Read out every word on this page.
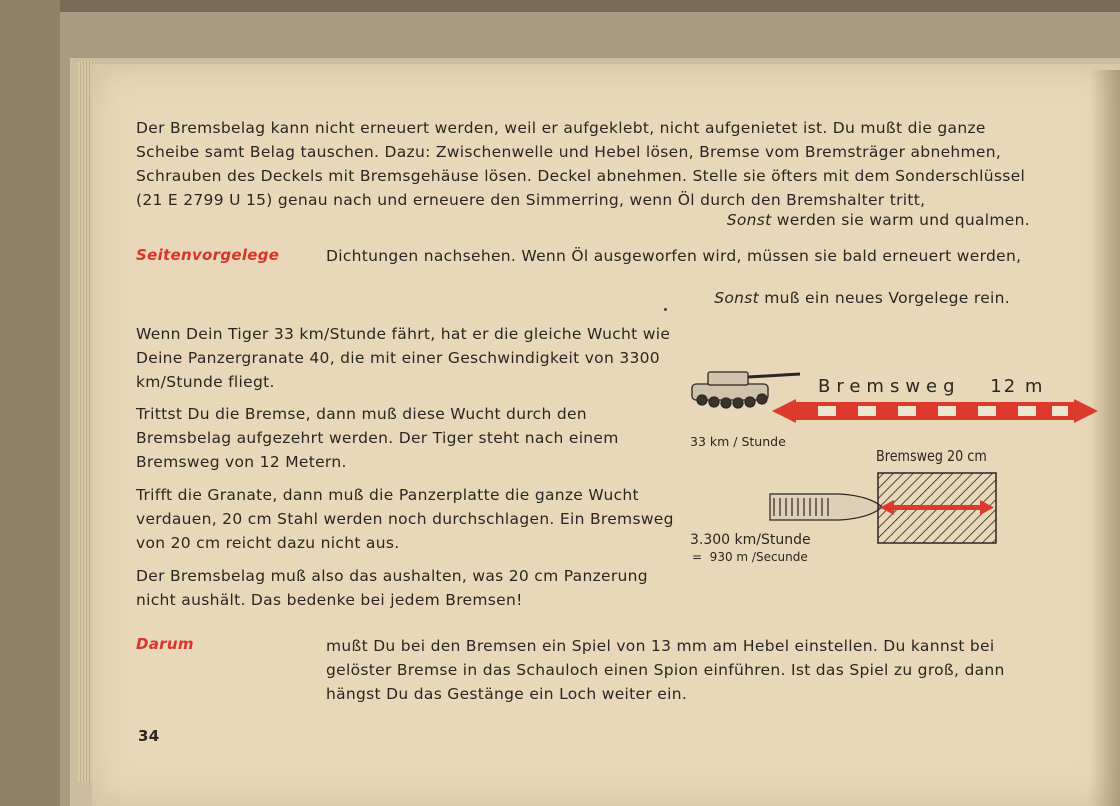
Der Bremsbelag kann nicht erneuert werden, weil er aufgeklebt, nicht aufgenietet ist. Du mußt die ganze
Scheibe samt Belag tauschen. Dazu: Zwischenwelle und Hebel lösen, Bremse vom Bremsträger abnehmen,
Schrauben des Deckels mit Bremsgehäuse lösen. Deckel abnehmen. Stelle sie öfters mit dem Sonderschlüssel
(21 E 2799 U 15) genau nach und erneuere den Simmerring, wenn Öl durch den Bremshalter tritt,
Sonst werden sie warm und qualmen.
Seitenvorgelege	Dichtungen nachsehen. Wenn Öl ausgeworfen wird, müssen sie bald erneuert werden,
Sonst muß ein neues Vorgelege rein.
Wenn Dein Tiger 33 km/Stunde fährt, hat er die gleiche Wucht wie Deine Panzergranate 40, die mit einer Geschwindigkeit von 3300 km/Stunde fliegt.
Trittst Du die Bremse, dann muß diese Wucht durch den Bremsbelag aufgezehrt werden. Der Tiger steht nach einem Bremsweg von 12 Metern.
Trifft die Granate, dann muß die Panzerplatte die ganze Wucht verdauen, 20 cm Stahl werden noch durchschlagen. Ein Bremsweg von 20 cm reicht dazu nicht aus.
Der Bremsbelag muß also das aushalten, was 20 cm Panzerung nicht aushält. Das bedenke bei jedem Bremsen!
Bremsweg 12 m
33 km / Stunde
Bremsweg 20 cm
3.300 km/Stunde
=  930 m /Secunde
Darum	mußt Du bei den Bremsen ein Spiel von 13 mm am Hebel einstellen. Du kannst bei gelöster Bremse in das Schauloch einen Spion einführen. Ist das Spiel zu groß, dann hängst Du das Gestänge ein Loch weiter ein.
34
